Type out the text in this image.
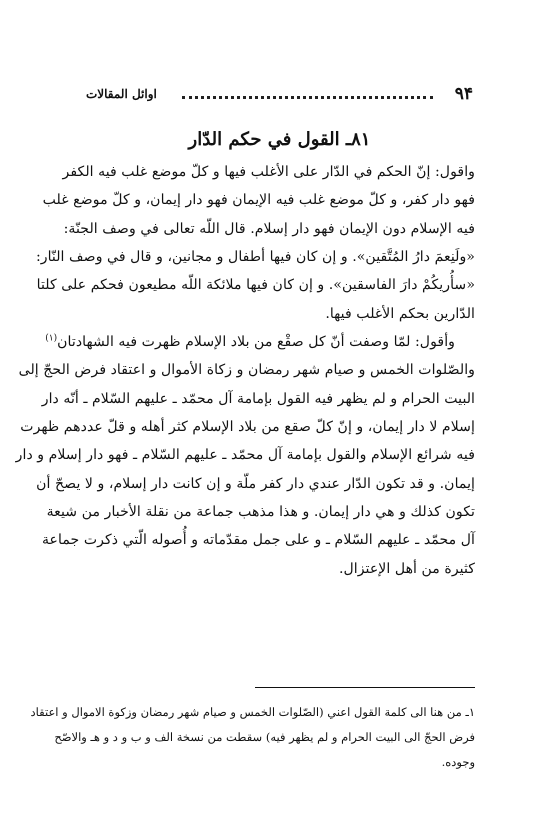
۹۴
اوائل المقالات
۸۱ـ القول في حكم الدّار
واقول: إنّ الحكم في الدّار على الأغلب فيها و كلّ موضع غلب فيه الكفر
فهو دار كفر، و كلّ موضع غلب فيه الإيمان فهو دار إيمان، و كلّ موضع غلب
فيه الإسلام دون الإيمان فهو دار إسلام. قال اللّه تعالى في وصف الجنّة:
«ولَنِعمَ دارُ المُتَّقين». و إن كان فيها أطفال و مجانين، و قال في وصف النّار:
«سأُريكُمْ دارَ الفاسقين». و إن كان فيها ملائكة اللّه مطيعون فحكم على كلتا
الدّارين بحكم الأغلب فيها.
وأقول: لمّا وصفت أنّ كل صقْع من بلاد الإسلام ظهرت فيه الشهادتان$^{(۱)}$
والصّلوات الخمس و صيام شهر رمضان و زكاة الأموال و اعتقاد فرض الحجّ إلى
البيت الحرام و لم يظهر فيه القول بإمامة آل محمّد ـ عليهم السّلام ـ أنّه دار
إسلام لا دار إيمان، و إنّ كلّ صقع من بلاد الإسلام كثر أهله و قلّ عددهم ظهرت
فيه شرائع الإسلام والقول بإمامة آل محمّد ـ عليهم السّلام ـ فهو دار إسلام و دار
إيمان. و قد تكون الدّار عندي دار كفر ملّة و إن كانت دار إسلام، و لا يصحّ أن
تكون كذلك و هي دار إيمان. و هذا مذهب جماعة من نقلة الأخبار من شيعة
آل محمّد ـ عليهم السّلام ـ و على جمل مقدّماته و أُصوله الّتي ذكرت جماعة
كثيرة من أهل الإعتزال.
۱ـ من هنا الى كلمة القول اعني (الصّلوات الخمس و صيام شهر رمضان وزكوة الاموال و اعتقاد
فرض الحجّ الى البيت الحرام و لم يظهر فيه) سقطت من نسخة الف و ب و د و هـ والاصّح
وجوده.
